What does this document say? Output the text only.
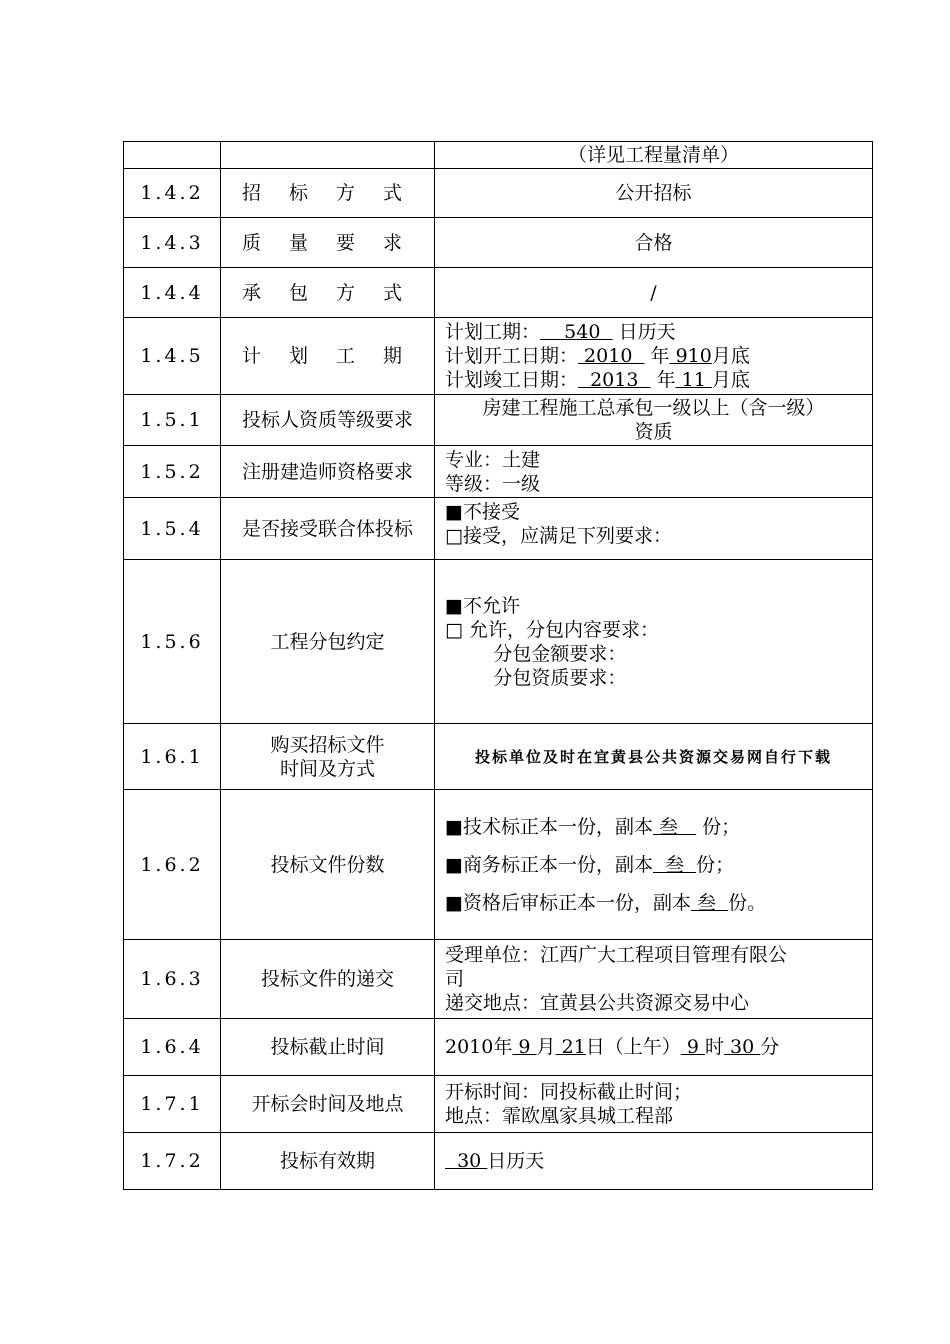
		（详见工程量清单）
1.4.2	招 标 方 式	公开招标
1.4.3	质 量 要 求	合格
1.4.4	承 包 方 式	/
1.4.5	计 划 工 期	计划工期：    540   日历天
计划开工日期： 2010   年 910月底
计划竣工日期：  2013   年 11 月底

1.5.1	投标人资质等级要求	房建工程施工总承包一级以上（含一级）
资质

1.5.2	注册建造师资格要求	专业：土建
等级：一级

1.5.4	是否接受联合体投标	■不接受
□接受，应满足下列要求：

1.5.6	工程分包约定	■不允许
□ 允许，分包内容要求：
分包金额要求：
分包资质要求：

1.6.1	购买招标文件
时间及方式	投标单位及时在宜黄县公共资源交易网自行下载
1.6.2	投标文件份数	■技术标正本一份，副本 叁    份；
■商务标正本一份，副本  叁  份；
■资格后审标正本一份，副本 叁  份。

1.6.3	投标文件的递交	受理单位：江西广大工程项目管理有限公
司
递交地点：宜黄县公共资源交易中心

1.6.4	投标截止时间	2010年 9 月 21日（上午） 9 时 30 分

1.7.1	开标会时间及地点	开标时间：同投标截止时间；
地点：霏欧凰家具城工程部

1.7.2	投标有效期	30 日历天
